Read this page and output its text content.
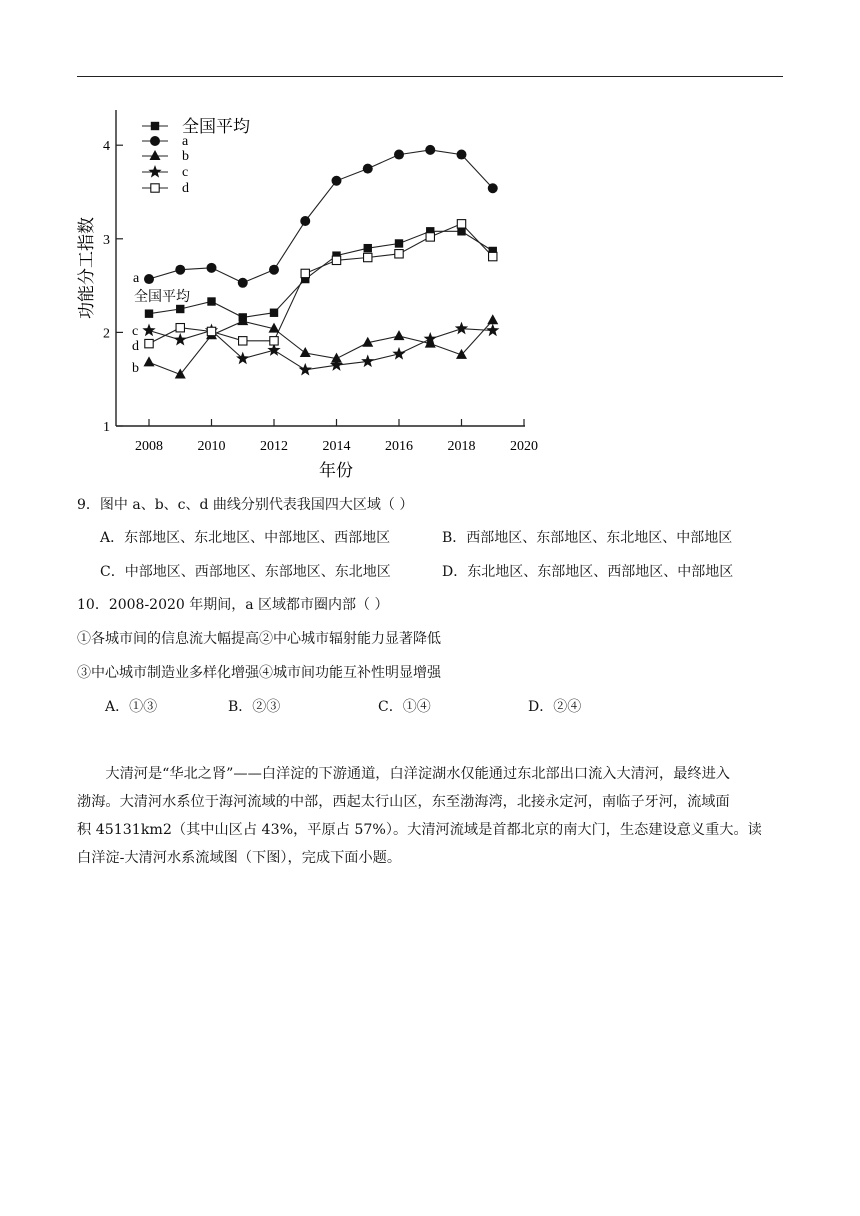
1
2
3
4
2008 2010 2012 2014 2016 2018 2020
年份
功能分工指数
全国平均
a
b
c
d
a
全国平均
c
d
b
9．图中 a、b、c、d 曲线分别代表我国四大区域（ ）
A．东部地区、东北地区、中部地区、西部地区	B．西部地区、东部地区、东北地区、中部地区
C．中部地区、西部地区、东部地区、东北地区	D．东北地区、东部地区、西部地区、中部地区
10．2008-2020 年期间，a 区域都市圈内部（ ）
①各城市间的信息流大幅提高②中心城市辐射能力显著降低
③中心城市制造业多样化增强④城市间功能互补性明显增强
A．①③	B．②③	C．①④	D．②④
大清河是“华北之肾”——白洋淀的下游通道，白洋淀湖水仅能通过东北部出口流入大清河，最终进入
渤海。大清河水系位于海河流域的中部，西起太行山区，东至渤海湾，北接永定河，南临子牙河，流域面
积 45131km2（其中山区占 43%，平原占 57%）。大清河流域是首都北京的南大门，生态建设意义重大。读
白洋淀-大清河水系流域图（下图），完成下面小题。
